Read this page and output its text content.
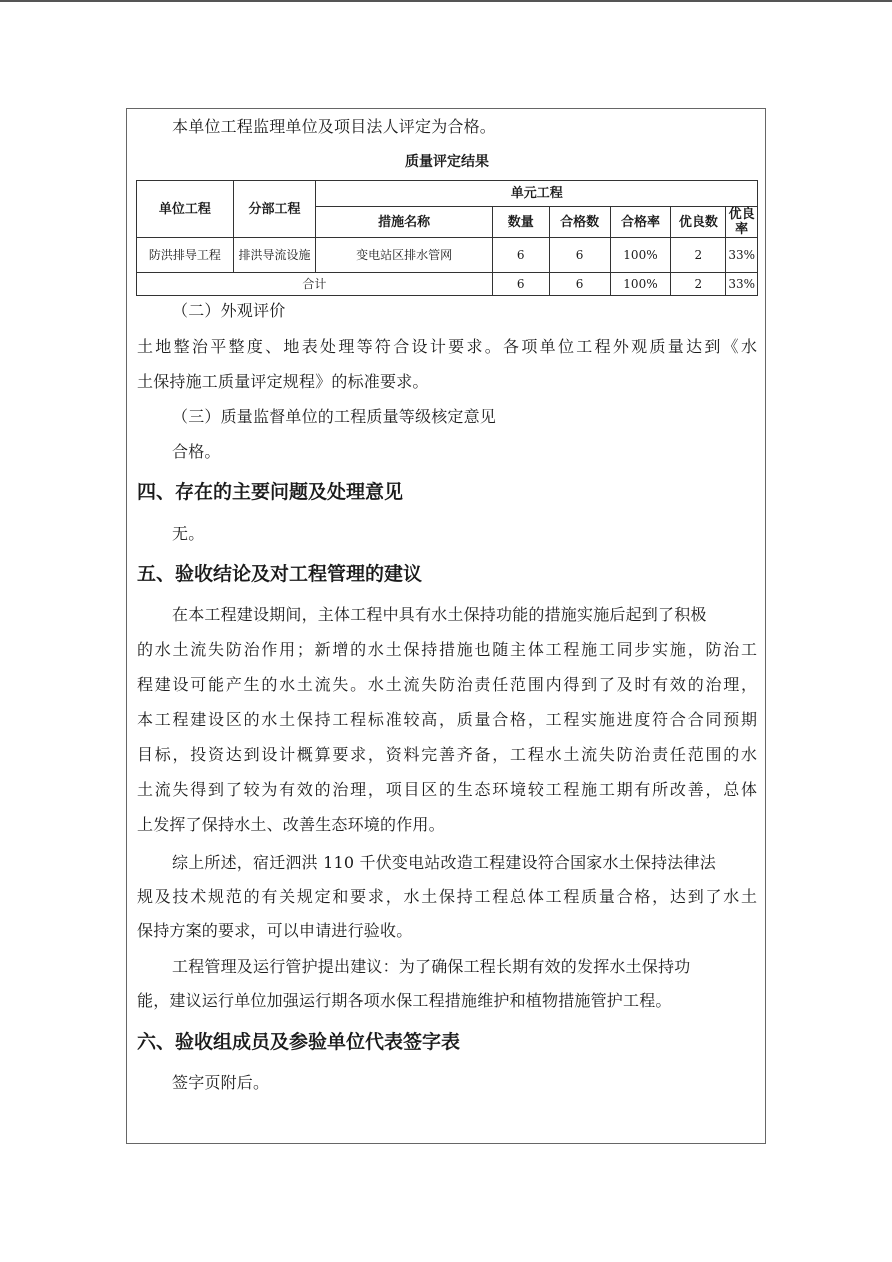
本单位工程监理单位及项目法人评定为合格。
质量评定结果
单位工程	分部工程	单元工程					
		措施名称	数量	合格数	合格率	优良数	优良率
防洪排导工程	排洪导流设施	变电站区排水管网	6	6	100%	2	33%
合计			6	6	100%	2	33%
（二）外观评价
土地整治平整度、地表处理等符合设计要求。各项单位工程外观质量达到《水
土保持施工质量评定规程》的标准要求。
（三）质量监督单位的工程质量等级核定意见
合格。
四、存在的主要问题及处理意见
无。
五、验收结论及对工程管理的建议
在本工程建设期间，主体工程中具有水土保持功能的措施实施后起到了积极
的水土流失防治作用；新增的水土保持措施也随主体工程施工同步实施，防治工
程建设可能产生的水土流失。水土流失防治责任范围内得到了及时有效的治理，
本工程建设区的水土保持工程标准较高，质量合格，工程实施进度符合合同预期
目标，投资达到设计概算要求，资料完善齐备，工程水土流失防治责任范围的水
土流失得到了较为有效的治理，项目区的生态环境较工程施工期有所改善，总体
上发挥了保持水土、改善生态环境的作用。
综上所述，宿迁泗洪 110 千伏变电站改造工程建设符合国家水土保持法律法
规及技术规范的有关规定和要求，水土保持工程总体工程质量合格，达到了水土
保持方案的要求，可以申请进行验收。
工程管理及运行管护提出建议：为了确保工程长期有效的发挥水土保持功
能，建议运行单位加强运行期各项水保工程措施维护和植物措施管护工程。
六、验收组成员及参验单位代表签字表
签字页附后。
